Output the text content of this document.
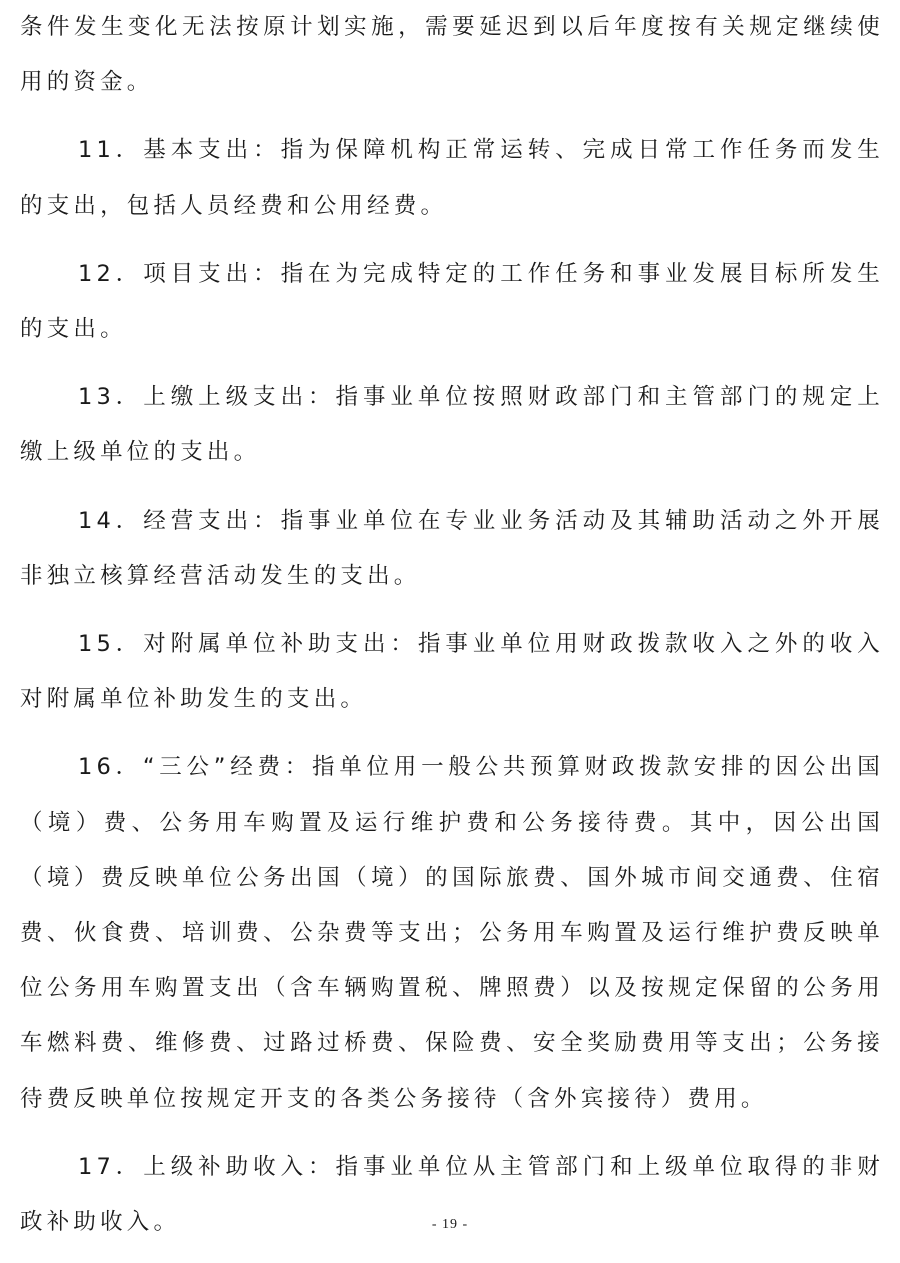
条件发生变化无法按原计划实施，需要延迟到以后年度按有关规定继续使用的资金。

11．基本支出：指为保障机构正常运转、完成日常工作任务而发生的支出，包括人员经费和公用经费。

12．项目支出：指在为完成特定的工作任务和事业发展目标所发生的支出。

13．上缴上级支出：指事业单位按照财政部门和主管部门的规定上缴上级单位的支出。

14．经营支出：指事业单位在专业业务活动及其辅助活动之外开展非独立核算经营活动发生的支出。

15．对附属单位补助支出：指事业单位用财政拨款收入之外的收入对附属单位补助发生的支出。

16．“三公”经费：指单位用一般公共预算财政拨款安排的因公出国（境）费、公务用车购置及运行维护费和公务接待费。其中，因公出国（境）费反映单位公务出国（境）的国际旅费、国外城市间交通费、住宿费、伙食费、培训费、公杂费等支出；公务用车购置及运行维护费反映单位公务用车购置支出（含车辆购置税、牌照费）以及按规定保留的公务用车燃料费、维修费、过路过桥费、保险费、安全奖励费用等支出；公务接待费反映单位按规定开支的各类公务接待（含外宾接待）费用。

17．上级补助收入：指事业单位从主管部门和上级单位取得的非财政补助收入。	- 19 -
